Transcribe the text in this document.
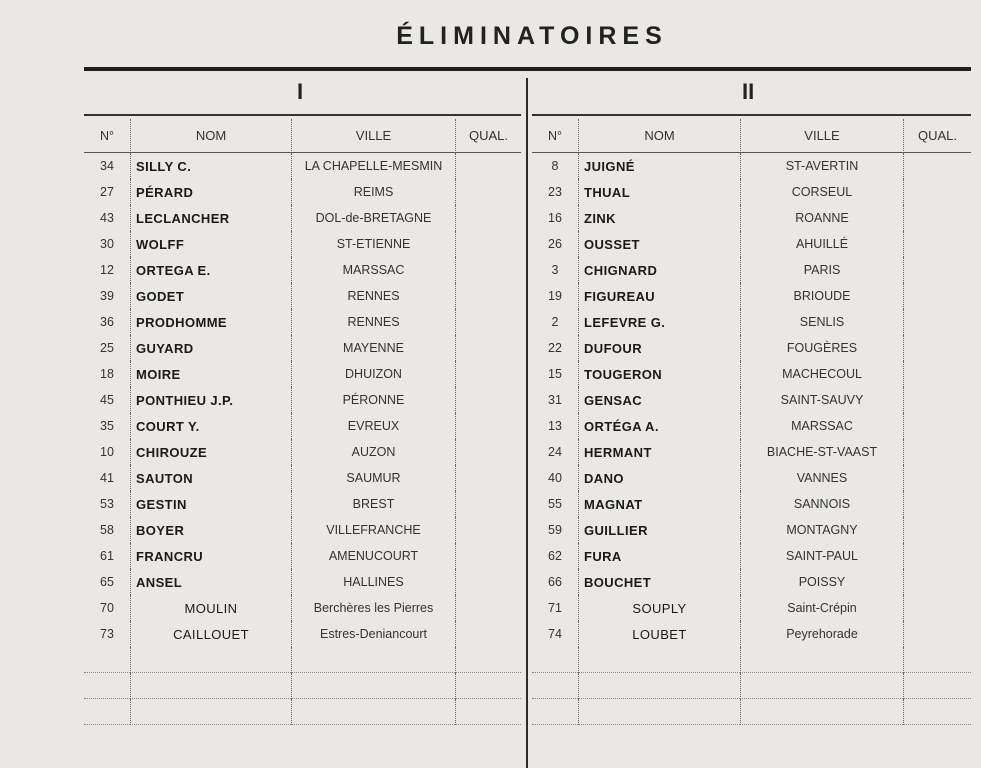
ÉLIMINATOIRES
I	II
N°	NOM	VILLE	QUAL.
34	SILLY C.	LA CHAPELLE-MESMIN
27	PÉRARD	REIMS
43	LECLANCHER	DOL-de-BRETAGNE
30	WOLFF	ST-ETIENNE
12	ORTEGA E.	MARSSAC
39	GODET	RENNES
36	PRODHOMME	RENNES
25	GUYARD	MAYENNE
18	MOIRE	DHUIZON
45	PONTHIEU J.P.	PÉRONNE
35	COURT Y.	EVREUX
10	CHIROUZE	AUZON
41	SAUTON	SAUMUR
53	GESTIN	BREST
58	BOYER	VILLEFRANCHE
61	FRANCRU	AMENUCOURT
65	ANSEL	HALLINES
70	MOULIN	Berchères les Pierres
73	CAILLOUET	Estres-Deniancourt
N°	NOM	VILLE	QUAL.
8	JUIGNÉ	ST-AVERTIN
23	THUAL	CORSEUL
16	ZINK	ROANNE
26	OUSSET	AHUILLÉ
3	CHIGNARD	PARIS
19	FIGUREAU	BRIOUDE
2	LEFEVRE G.	SENLIS
22	DUFOUR	FOUGÈRES
15	TOUGERON	MACHECOUL
31	GENSAC	SAINT-SAUVY
13	ORTÉGA A.	MARSSAC
24	HERMANT	BIACHE-ST-VAAST
40	DANO	VANNES
55	MAGNAT	SANNOIS
59	GUILLIER	MONTAGNY
62	FURA	SAINT-PAUL
66	BOUCHET	POISSY
71	SOUPLY	Saint-Crépin
74	LOUBET	Peyrehorade
